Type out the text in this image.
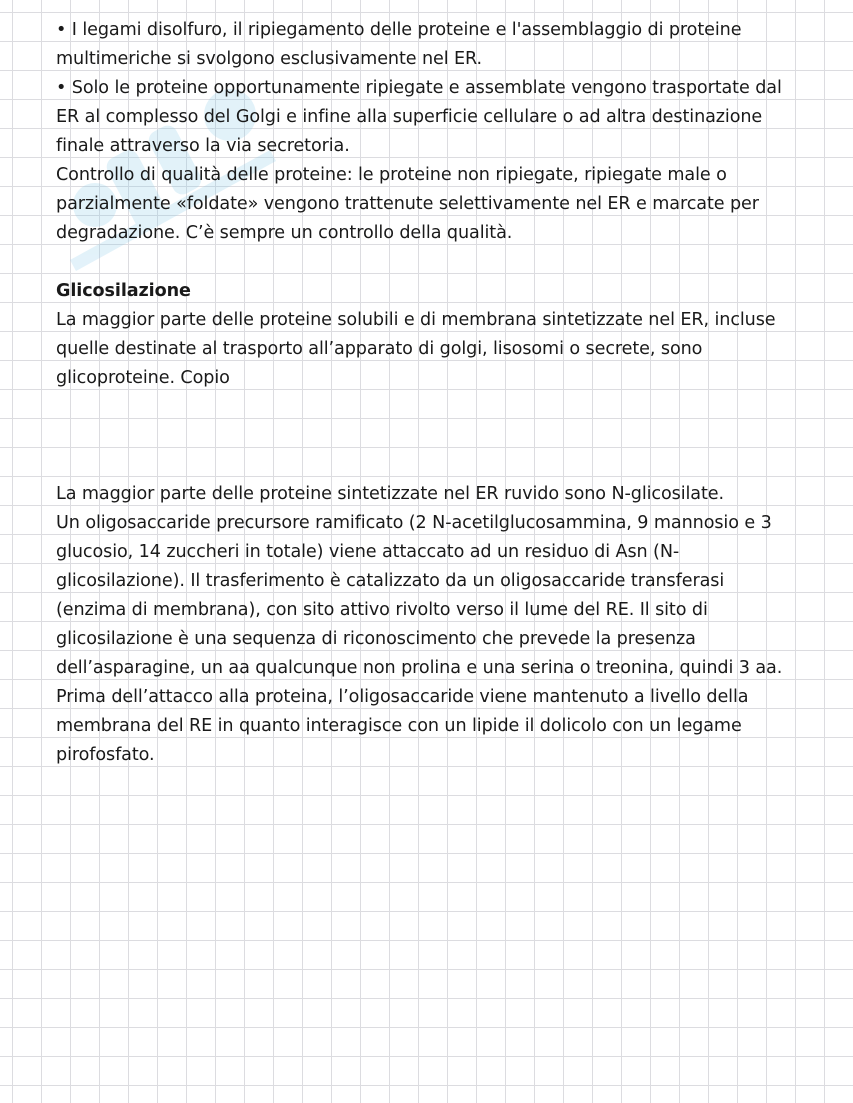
• I legami disolfuro, il ripiegamento delle proteine e l'assemblaggio di proteine
multimeriche si svolgono esclusivamente nel ER.
• Solo le proteine opportunamente ripiegate e assemblate vengono trasportate dal
ER al complesso del Golgi e infine alla superficie cellulare o ad altra destinazione
finale attraverso la via secretoria.
Controllo di qualità delle proteine: le proteine non ripiegate, ripiegate male o
parzialmente «foldate» vengono trattenute selettivamente nel ER e marcate per
degradazione. C’è sempre un controllo della qualità.
Glicosilazione
La maggior parte delle proteine solubili e di membrana sintetizzate nel ER, incluse
quelle destinate al trasporto all’apparato di golgi, lisosomi o secrete, sono
glicoproteine. Copio
La maggior parte delle proteine sintetizzate nel ER ruvido sono N-glicosilate.
Un oligosaccaride precursore ramificato (2 N-acetilglucosammina, 9 mannosio e 3
glucosio, 14 zuccheri in totale) viene attaccato ad un residuo di Asn (N-
glicosilazione). Il trasferimento è catalizzato da un oligosaccaride transferasi
(enzima di membrana), con sito attivo rivolto verso il lume del RE. Il sito di
glicosilazione è una sequenza di riconoscimento che prevede la presenza
dell’asparagine, un aa qualcunque non prolina e una serina o treonina, quindi 3 aa.
Prima dell’attacco alla proteina, l’oligosaccaride viene mantenuto a livello della
membrana del RE in quanto interagisce con un lipide il dolicolo con un legame
pirofosfato.
